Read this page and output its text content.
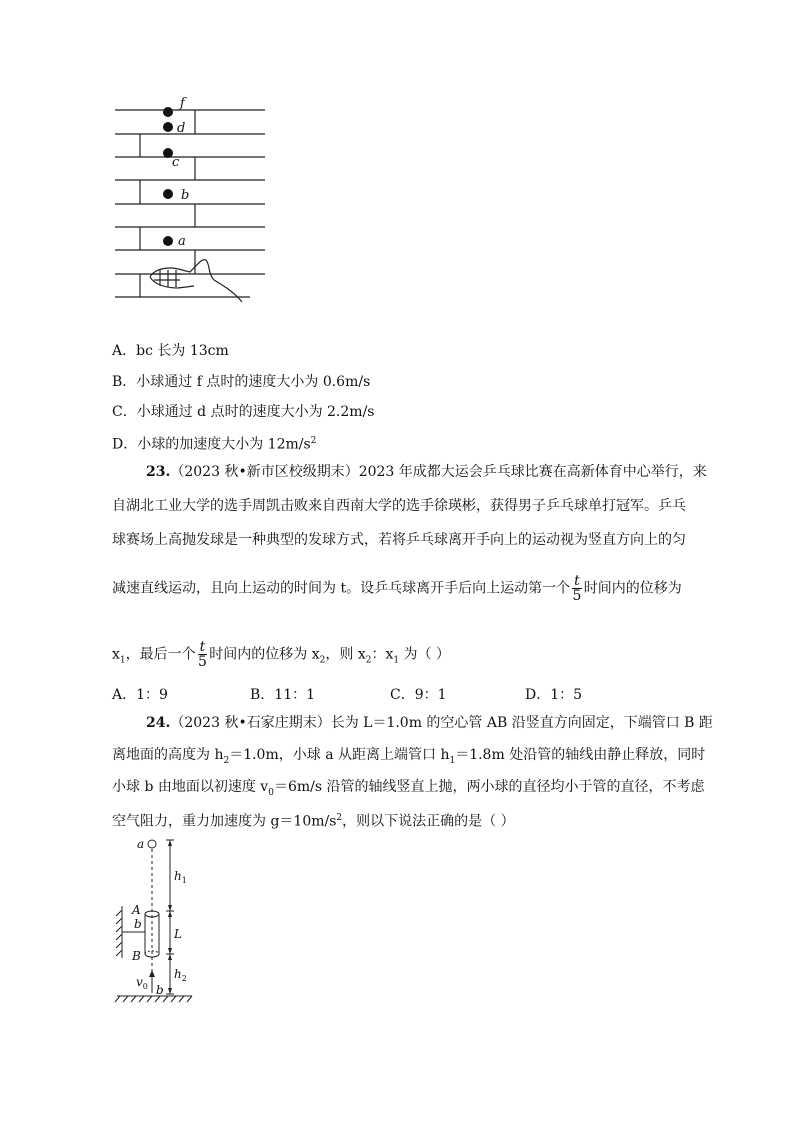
f
d
c
b
a
A．bc 长为 13cm
B．小球通过 f 点时的速度大小为 0.6m/s
C．小球通过 d 点时的速度大小为 2.2m/s
D．小球的加速度大小为 $12m/s^2$
23.（2023 秋•新市区校级期末）2023 年成都大运会乒乓球比赛在高新体育中心举行，来
自湖北工业大学的选手周凯击败来自西南大学的选手徐瑛彬，获得男子乒乓球单打冠军。乒乓
球赛场上高抛发球是一种典型的发球方式，若将乒乓球离开手向上的运动视为竖直方向上的匀
减速直线运动，且向上运动的时间为 t。设乒乓球离开手后向上运动第一个 $\frac{t}{5}$ 时间内的位移为
$x_1$，最后一个 $\frac{t}{5}$ 时间内的位移为 $x_2$，则 $x_2$：$x_1$ 为（ ）
A．1：9	B．11：1	C．9：1	D．1：5
24.（2023 秋•石家庄期末）长为 L＝1.0m 的空心管 AB 沿竖直方向固定，下端管口 B 距
离地面的高度为 $h_2=1.0m$，小球 a 从距离上端管口 $h_1=1.8m$ 处沿管的轴线由静止释放，同时
小球 b 由地面以初速度 $v_0=6m/s$ 沿管的轴线竖直上抛，两小球的直径均小于管的直径，不考虑
空气阻力，重力加速度为 $g=10m/s^2$，则以下说法正确的是（ ）
a
A
b
B
$h_1$
L
$h_2$
$v_0$ b
